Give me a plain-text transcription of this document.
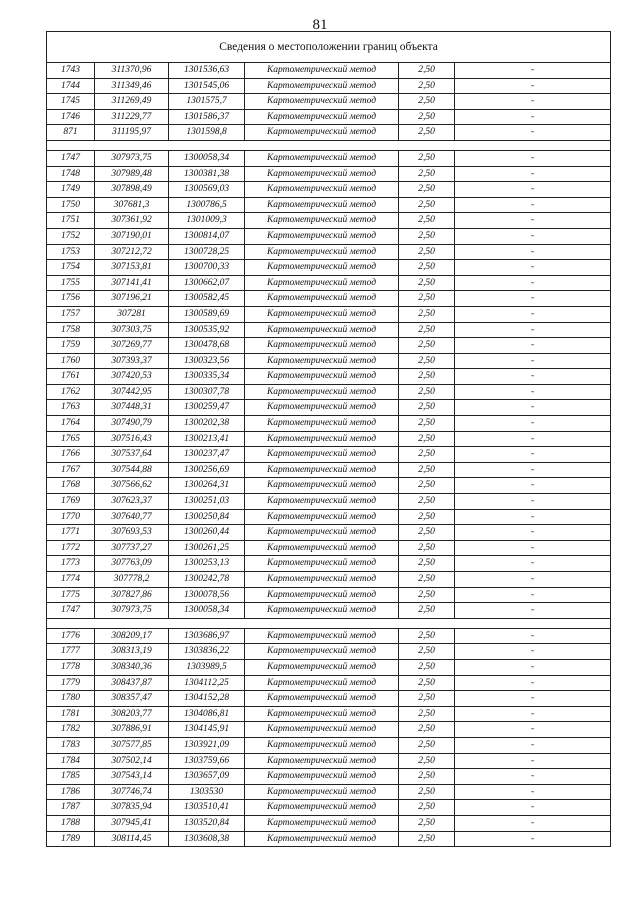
81
Сведения о местоположении границ объекта					
1743	311370,96	1301536,63	Картометрический метод	2,50	-
1744	311349,46	1301545,06	Картометрический метод	2,50	-
1745	311269,49	1301575,7	Картометрический метод	2,50	-
1746	311229,77	1301586,37	Картометрический метод	2,50	-
871	311195,97	1301598,8	Картометрический метод	2,50	-

1747	307973,75	1300058,34	Картометрический метод	2,50	-
1748	307989,48	1300381,38	Картометрический метод	2,50	-
1749	307898,49	1300569,03	Картометрический метод	2,50	-
1750	307681,3	1300786,5	Картометрический метод	2,50	-
1751	307361,92	1301009,3	Картометрический метод	2,50	-
1752	307190,01	1300814,07	Картометрический метод	2,50	-
1753	307212,72	1300728,25	Картометрический метод	2,50	-
1754	307153,81	1300700,33	Картометрический метод	2,50	-
1755	307141,41	1300662,07	Картометрический метод	2,50	-
1756	307196,21	1300582,45	Картометрический метод	2,50	-
1757	307281	1300589,69	Картометрический метод	2,50	-
1758	307303,75	1300535,92	Картометрический метод	2,50	-
1759	307269,77	1300478,68	Картометрический метод	2,50	-
1760	307393,37	1300323,56	Картометрический метод	2,50	-
1761	307420,53	1300335,34	Картометрический метод	2,50	-
1762	307442,95	1300307,78	Картометрический метод	2,50	-
1763	307448,31	1300259,47	Картометрический метод	2,50	-
1764	307490,79	1300202,38	Картометрический метод	2,50	-
1765	307516,43	1300213,41	Картометрический метод	2,50	-
1766	307537,64	1300237,47	Картометрический метод	2,50	-
1767	307544,88	1300256,69	Картометрический метод	2,50	-
1768	307566,62	1300264,31	Картометрический метод	2,50	-
1769	307623,37	1300251,03	Картометрический метод	2,50	-
1770	307640,77	1300250,84	Картометрический метод	2,50	-
1771	307693,53	1300260,44	Картометрический метод	2,50	-
1772	307737,27	1300261,25	Картометрический метод	2,50	-
1773	307763,09	1300253,13	Картометрический метод	2,50	-
1774	307778,2	1300242,78	Картометрический метод	2,50	-
1775	307827,86	1300078,56	Картометрический метод	2,50	-
1747	307973,75	1300058,34	Картометрический метод	2,50	-

1776	308209,17	1303686,97	Картометрический метод	2,50	-
1777	308313,19	1303836,22	Картометрический метод	2,50	-
1778	308340,36	1303989,5	Картометрический метод	2,50	-
1779	308437,87	1304112,25	Картометрический метод	2,50	-
1780	308357,47	1304152,28	Картометрический метод	2,50	-
1781	308203,77	1304086,81	Картометрический метод	2,50	-
1782	307886,91	1304145,91	Картометрический метод	2,50	-
1783	307577,85	1303921,09	Картометрический метод	2,50	-
1784	307502,14	1303759,66	Картометрический метод	2,50	-
1785	307543,14	1303657,09	Картометрический метод	2,50	-
1786	307746,74	1303530	Картометрический метод	2,50	-
1787	307835,94	1303510,41	Картометрический метод	2,50	-
1788	307945,41	1303520,84	Картометрический метод	2,50	-
1789	308114,45	1303608,38	Картометрический метод	2,50	-
